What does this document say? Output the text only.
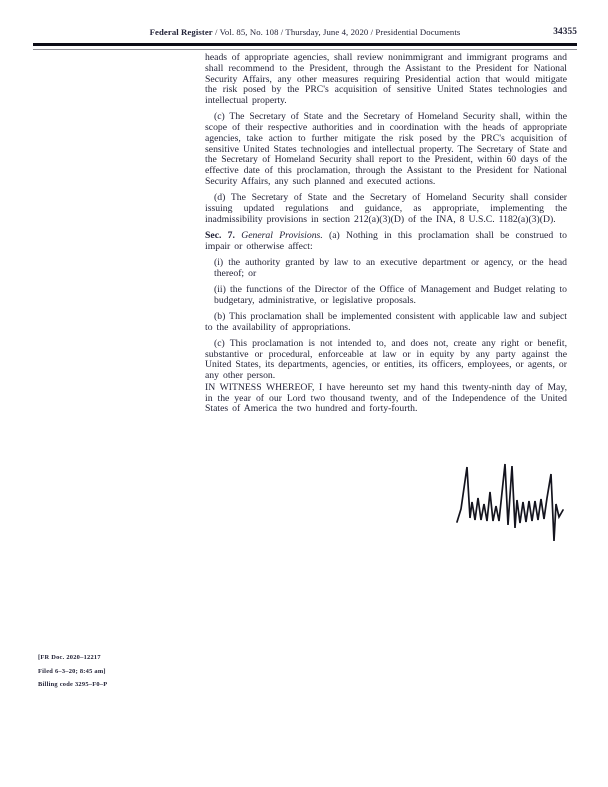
Federal Register / Vol. 85, No. 108 / Thursday, June 4, 2020 / Presidential Documents	34355

heads of appropriate agencies, shall review nonimmigrant and immigrant programs and shall recommend to the President, through the Assistant to the President for National Security Affairs, any other measures requiring Presidential action that would mitigate the risk posed by the PRC's acquisition of sensitive United States technologies and intellectual property.

(c) The Secretary of State and the Secretary of Homeland Security shall, within the scope of their respective authorities and in coordination with the heads of appropriate agencies, take action to further mitigate the risk posed by the PRC's acquisition of sensitive United States technologies and intellectual property. The Secretary of State and the Secretary of Homeland Security shall report to the President, within 60 days of the effective date of this proclamation, through the Assistant to the President for National Security Affairs, any such planned and executed actions.

(d) The Secretary of State and the Secretary of Homeland Security shall consider issuing updated regulations and guidance, as appropriate, implementing the inadmissibility provisions in section 212(a)(3)(D) of the INA, 8 U.S.C. 1182(a)(3)(D).

Sec. 7. General Provisions. (a) Nothing in this proclamation shall be construed to impair or otherwise affect:

(i) the authority granted by law to an executive department or agency, or the head thereof; or

(ii) the functions of the Director of the Office of Management and Budget relating to budgetary, administrative, or legislative proposals.

(b) This proclamation shall be implemented consistent with applicable law and subject to the availability of appropriations.

(c) This proclamation is not intended to, and does not, create any right or benefit, substantive or procedural, enforceable at law or in equity by any party against the United States, its departments, agencies, or entities, its officers, employees, or agents, or any other person.

IN WITNESS WHEREOF, I have hereunto set my hand this twenty-ninth day of May, in the year of our Lord two thousand twenty, and of the Independence of the United States of America the two hundred and forty-fourth.

[FR Doc. 2020–12217
Filed 6–3–20; 8:45 am]
Billing code 3295–F0–P
